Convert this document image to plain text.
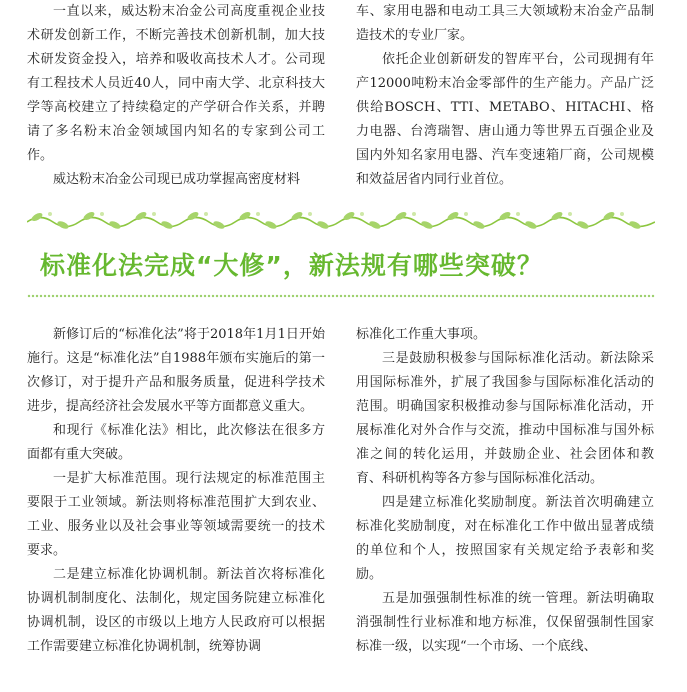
一直以来，威达粉末冶金公司高度重视企业技术研发创新工作，不断完善技术创新机制，加大技术研发资金投入，培养和吸收高技术人才。公司现有工程技术人员近40人，同中南大学、北京科技大学等高校建立了持续稳定的产学研合作关系，并聘请了多名粉末冶金领域国内知名的专家到公司工作。

威达粉末冶金公司现已成功掌握高密度材料

车、家用电器和电动工具三大领域粉末冶金产品制造技术的专业厂家。

依托企业创新研发的智库平台，公司现拥有年产12000吨粉末冶金零部件的生产能力。产品广泛供给BOSCH、TTI、METABO、HITACHI、格力电器、台湾瑞智、唐山通力等世界五百强企业及国内外知名家用电器、汽车变速箱厂商，公司规模和效益居省内同行业首位。

标准化法完成“大修”，新法规有哪些突破？

新修订后的“标准化法”将于2018年1月1日开始施行。这是“标准化法”自1988年颁布实施后的第一次修订，对于提升产品和服务质量，促进科学技术进步，提高经济社会发展水平等方面都意义重大。

和现行《标准化法》相比，此次修法在很多方面都有重大突破。

一是扩大标准范围。现行法规定的标准范围主要限于工业领域。新法则将标准范围扩大到农业、工业、服务业以及社会事业等领域需要统一的技术要求。

二是建立标准化协调机制。新法首次将标准化协调机制制度化、法制化，规定国务院建立标准化协调机制，设区的市级以上地方人民政府可以根据工作需要建立标准化协调机制，统筹协调

标准化工作重大事项。

三是鼓励积极参与国际标准化活动。新法除采用国际标准外，扩展了我国参与国际标准化活动的范围。明确国家积极推动参与国际标准化活动，开展标准化对外合作与交流，推动中国标准与国外标准之间的转化运用，并鼓励企业、社会团体和教育、科研机构等各方参与国际标准化活动。

四是建立标准化奖励制度。新法首次明确建立标准化奖励制度，对在标准化工作中做出显著成绩的单位和个人，按照国家有关规定给予表彰和奖励。

五是加强强制性标准的统一管理。新法明确取消强制性行业标准和地方标准，仅保留强制性国家标准一级，以实现“一个市场、一个底线、
